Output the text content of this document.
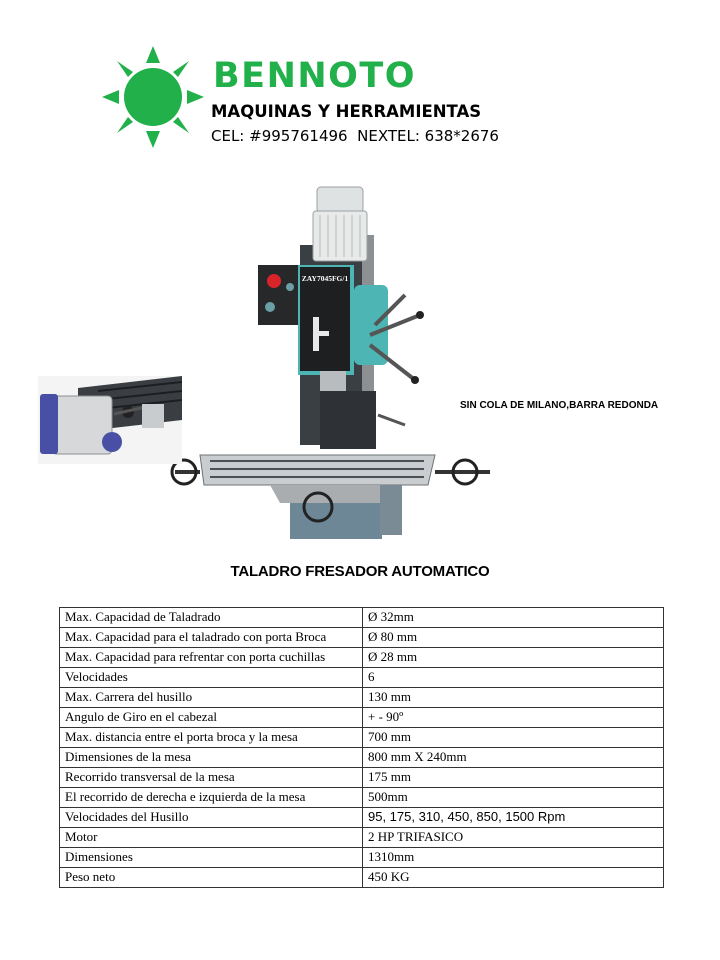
BENNOTO
MAQUINAS Y HERRAMIENTAS
CEL: #995761496  NEXTEL: 638*2676
ZAY7045FG/1
SIN COLA DE MILANO,BARRA REDONDA
TALADRO FRESADOR AUTOMATICO
Max. Capacidad de Taladrado	Ø 32mm
Max. Capacidad para el taladrado con porta Broca	Ø 80 mm
Max. Capacidad para refrentar con porta cuchillas	Ø 28 mm
Velocidades	6
Max. Carrera del husillo	130 mm
Angulo de Giro en el cabezal	+ - 90º
Max. distancia entre el porta broca y la mesa	700 mm
Dimensiones de la mesa	800 mm X 240mm
Recorrido transversal de la mesa	175 mm
El recorrido de derecha e izquierda de la mesa	500mm
Velocidades del Husillo	95, 175, 310, 450, 850, 1500 Rpm
Motor	2 HP TRIFASICO
Dimensiones	1310mm
Peso neto	450 KG
